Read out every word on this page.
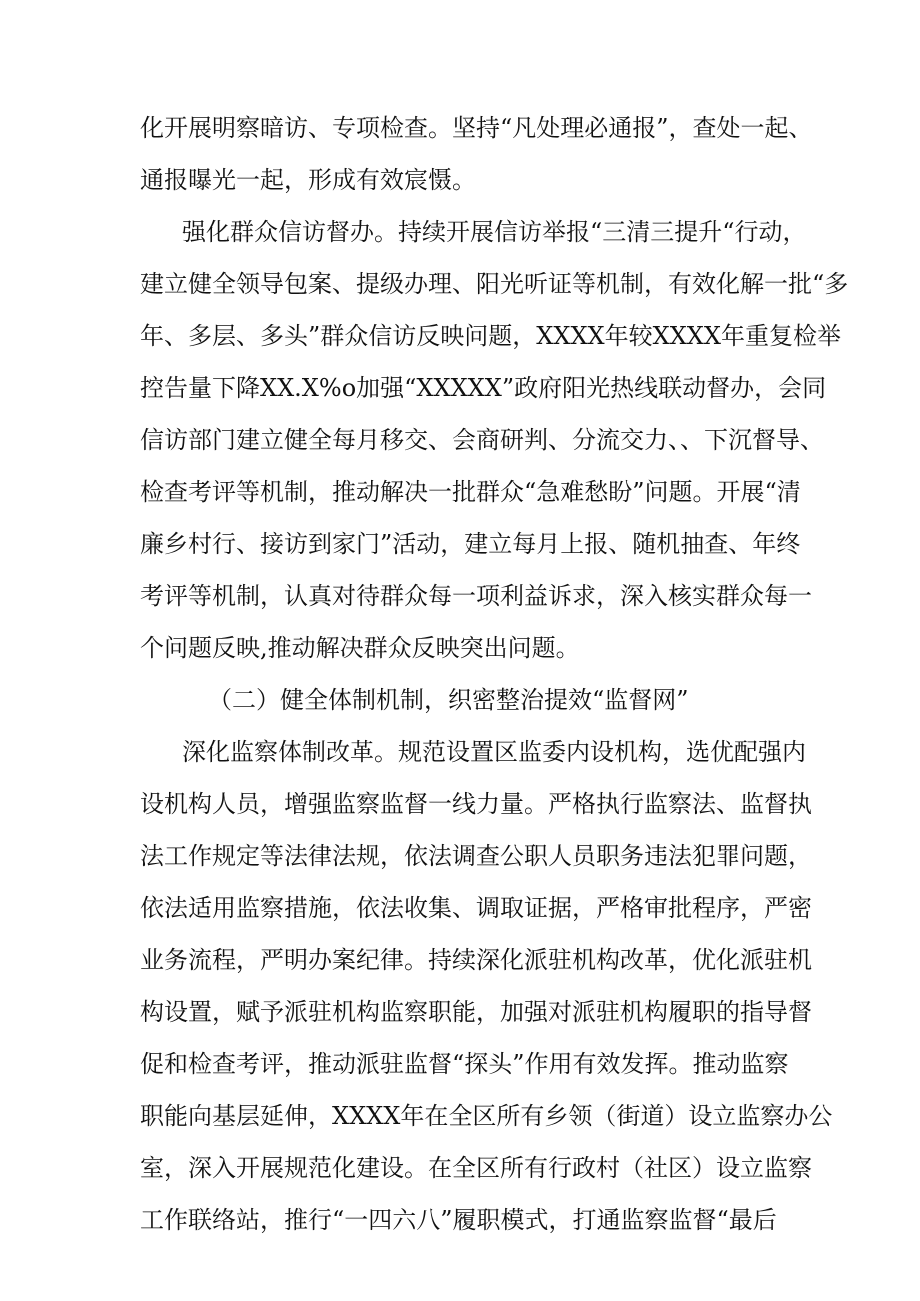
化开展明察暗访、专项检查。坚持“凡处理必通报”，查处一起、
通报曝光一起，形成有效宸慑。
强化群众信访督办。持续开展信访举报“三清三提升“行动，
建立健全领导包案、提级办理、阳光听证等机制，有效化解一批“多
年、多层、多头”群众信访反映问题，XXXX年较XXXX年重复检举
控告量下降XX.X%o加强“XXXXX”政府阳光热线联动督办，会同
信访部门建立健全每月移交、会商研判、分流交力、、下沉督导、
检查考评等机制，推动解决一批群众“急难愁盼”问题。开展“清
廉乡村行、接访到家门”活动，建立每月上报、随机抽查、年终
考评等机制，认真对待群众每一项利益诉求，深入核实群众每一
个问题反映,推动解决群众反映突出问题。
（二）健全体制机制，织密整治提效“监督网”
深化监察体制改革。规范设置区监委内设机构，选优配强内
设机构人员，增强监察监督一线力量。严格执行监察法、监督执
法工作规定等法律法规，依法调查公职人员职务违法犯罪问题，
依法适用监察措施，依法收集、调取证据，严格审批程序，严密
业务流程，严明办案纪律。持续深化派驻机构改革，优化派驻机
构设置，赋予派驻机构监察职能，加强对派驻机构履职的指导督
促和检查考评，推动派驻监督“探头”作用有效发挥。推动监察
职能向基层延伸，XXXX年在全区所有乡领（街道）设立监察办公
室，深入开展规范化建设。在全区所有行政村（社区）设立监察
工作联络站，推行“一四六八”履职模式，打通监察监督“最后
